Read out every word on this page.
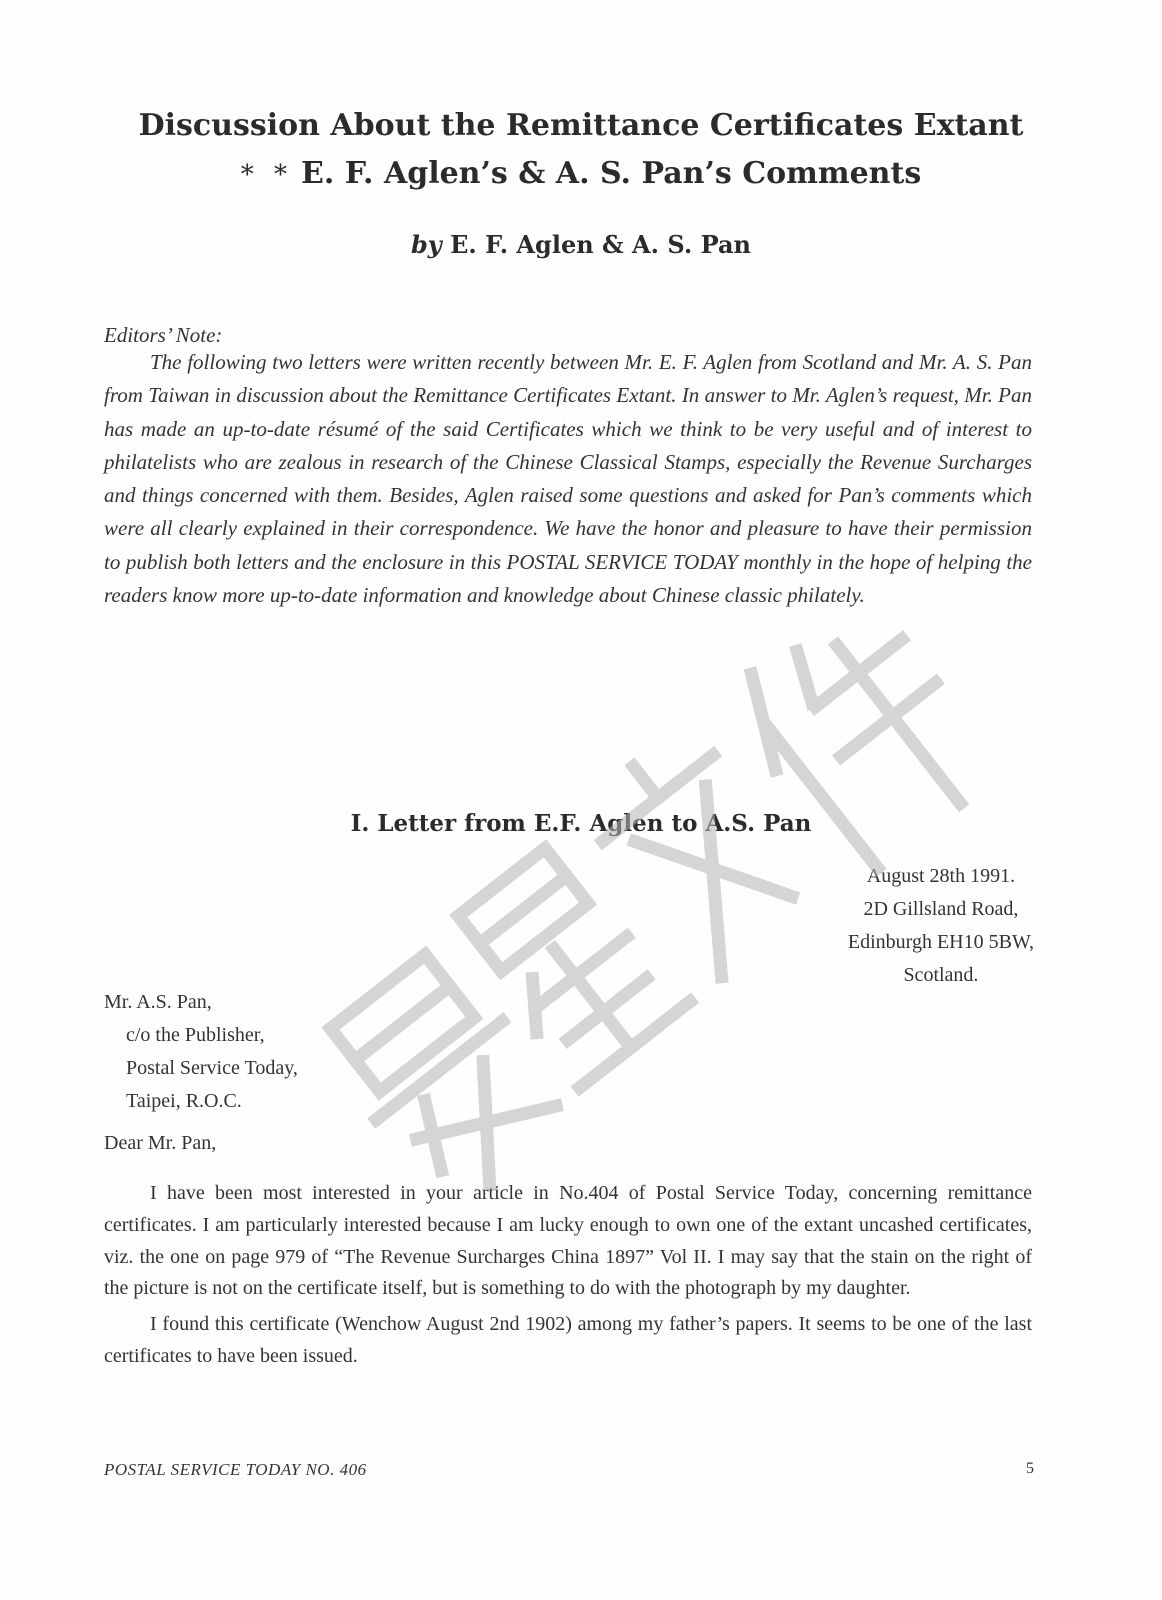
Discussion About the Remittance Certificates Extant
* * E. F. Aglen’s & A. S. Pan’s Comments
by E. F. Aglen & A. S. Pan
Editors’ Note:

The following two letters were written recently between Mr. E. F. Aglen from Scotland and Mr. A. S. Pan from Taiwan in discussion about the Remittance Certificates Extant. In answer to Mr. Aglen’s request, Mr. Pan has made an up-to-date résumé of the said Certificates which we think to be very useful and of interest to philatelists who are zealous in research of the Chinese Classical Stamps, especially the Revenue Surcharges and things concerned with them. Besides, Aglen raised some questions and asked for Pan’s comments which were all clearly explained in their correspondence. We have the honor and pleasure to have their permission to publish both letters and the enclosure in this POSTAL SERVICE TODAY monthly in the hope of helping the readers know more up-to-date information and knowledge about Chinese classic philately.

I. Letter from E.F. Aglen to A.S. Pan
August 28th 1991.
2D Gillsland Road,
Edinburgh EH10 5BW,
Scotland.
Mr. A.S. Pan,
c/o the Publisher,
Postal Service Today,
Taipei, R.O.C.
Dear Mr. Pan,

I have been most interested in your article in No.404 of Postal Service Today, concerning remittance certificates. I am particularly interested because I am lucky enough to own one of the extant uncashed certificates, viz. the one on page 979 of “The Revenue Surcharges China 1897” Vol II. I may say that the stain on the right of the picture is not on the certificate itself, but is something to do with the photograph by my daughter.

I found this certificate (Wenchow August 2nd 1902) among my father’s papers. It seems to be one of the last certificates to have been issued.

POSTAL SERVICE TODAY NO. 406	5
